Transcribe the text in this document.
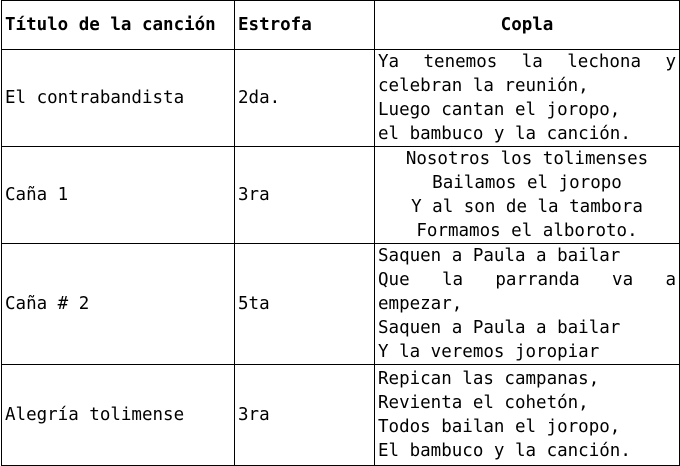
Título de la canción	Estrofa	Copla
El contrabandista	2da.	Ya tenemos la lechona y celebran la reunión,
Luego cantan el joropo,
el bambuco y la canción.

Caña 1	3ra	Nosotros los tolimenses
Bailamos el joropo
Y al son de la tambora
Formamos el alboroto.

Caña # 2	5ta	Saquen a Paula a bailar
Que la parranda va a empezar,
Saquen a Paula a bailar
Y la veremos joropiar

Alegría tolimense	3ra	Repican las campanas,
Revienta el cohetón,
Todos bailan el joropo,
El bambuco y la canción.
